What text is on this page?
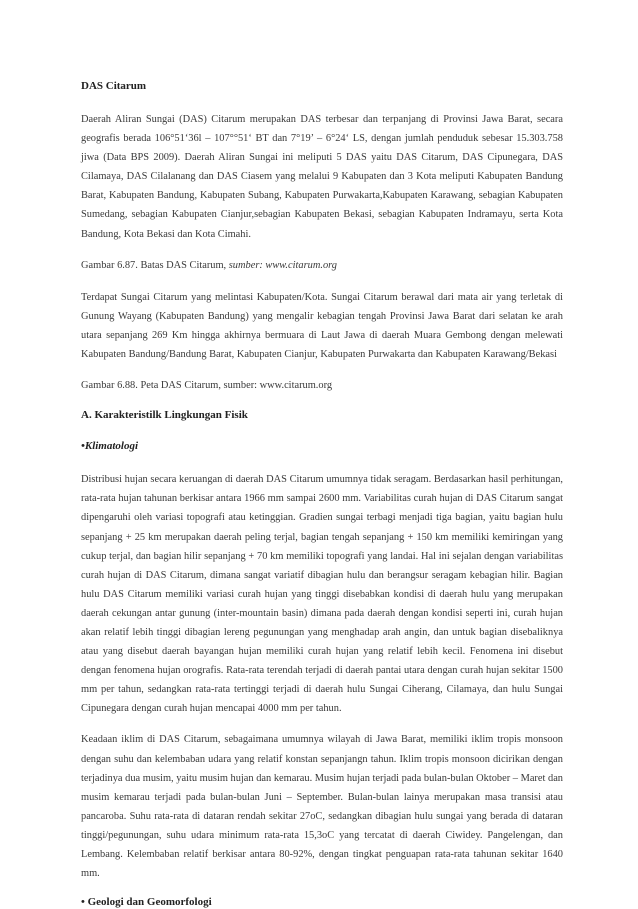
DAS Citarum

Daerah Aliran Sungai (DAS) Citarum merupakan DAS terbesar dan terpanjang di Provinsi Jawa Barat, secara geografis berada 106°51‘36l – 107°°51‘ BT dan 7°19’ – 6°24‘ LS, dengan jumlah penduduk sebesar 15.303.758 jiwa (Data BPS 2009). Daerah Aliran Sungai ini meliputi 5 DAS yaitu DAS Citarum, DAS Cipunegara, DAS Cilamaya, DAS Cilalanang dan DAS Ciasem yang melalui 9 Kabupaten dan 3 Kota meliputi Kabupaten Bandung Barat, Kabupaten Bandung, Kabupaten Subang, Kabupaten Purwakarta,Kabupaten Karawang, sebagian Kabupaten Sumedang, sebagian Kabupaten Cianjur,sebagian Kabupaten Bekasi, sebagian Kabupaten Indramayu, serta Kota Bandung, Kota Bekasi dan Kota Cimahi.

Gambar 6.87. Batas DAS Citarum, sumber: www.citarum.org

Terdapat Sungai Citarum yang melintasi Kabupaten/Kota. Sungai Citarum berawal dari mata air yang terletak di Gunung Wayang (Kabupaten Bandung) yang mengalir kebagian tengah Provinsi Jawa Barat dari selatan ke arah utara sepanjang 269 Km hingga akhirnya bermuara di Laut Jawa di daerah Muara Gembong dengan melewati Kabupaten Bandung/Bandung Barat, Kabupaten Cianjur, Kabupaten Purwakarta dan Kabupaten Karawang/Bekasi

Gambar 6.88. Peta DAS Citarum, sumber: www.citarum.org

A. Karakteristilk Lingkungan Fisik
•Klimatologi

Distribusi hujan secara keruangan di daerah DAS Citarum umumnya tidak seragam. Berdasarkan hasil perhitungan, rata-rata hujan tahunan berkisar antara 1966 mm sampai 2600 mm. Variabilitas curah hujan di DAS Citarum sangat dipengaruhi oleh variasi topografi atau ketinggian. Gradien sungai terbagi menjadi tiga bagian, yaitu bagian hulu sepanjang + 25 km merupakan daerah peling terjal, bagian tengah sepanjang + 150 km memiliki kemiringan yang cukup terjal, dan bagian hilir sepanjang + 70 km memiliki topografi yang landai. Hal ini sejalan dengan variabilitas curah hujan di DAS Citarum, dimana sangat variatif dibagian hulu dan berangsur seragam kebagian hilir. Bagian hulu DAS Citarum memiliki variasi curah hujan yang tinggi disebabkan kondisi di daerah hulu yang merupakan daerah cekungan antar gunung (inter-mountain basin) dimana pada daerah dengan kondisi seperti ini, curah hujan akan relatif lebih tinggi dibagian lereng pegunungan yang menghadap arah angin, dan untuk bagian disebaliknya atau yang disebut daerah bayangan hujan memiliki curah hujan yang relatif lebih kecil. Fenomena ini disebut dengan fenomena hujan orografis. Rata-rata terendah terjadi di daerah pantai utara dengan curah hujan sekitar 1500 mm per tahun, sedangkan rata-rata tertinggi terjadi di daerah hulu Sungai Ciherang, Cilamaya, dan hulu Sungai Cipunegara dengan curah hujan mencapai 4000 mm per tahun.

Keadaan iklim di DAS Citarum, sebagaimana umumnya wilayah di Jawa Barat, memiliki iklim tropis monsoon dengan suhu dan kelembaban udara yang relatif konstan sepanjangn tahun. Iklim tropis monsoon dicirikan dengan terjadinya dua musim, yaitu musim hujan dan kemarau. Musim hujan terjadi pada bulan-bulan Oktober – Maret dan musim kemarau terjadi pada bulan-bulan Juni – September. Bulan-bulan lainya merupakan masa transisi atau pancaroba. Suhu rata-rata di dataran rendah sekitar 27oC, sedangkan dibagian hulu sungai yang berada di dataran tinggi/pegunungan, suhu udara minimum rata-rata 15,3oC yang tercatat di daerah Ciwidey. Pangelengan, dan Lembang. Kelembaban relatif berkisar antara 80-92%, dengan tingkat penguapan rata-rata tahunan sekitar 1640 mm.

• Geologi dan Geomorfologi
